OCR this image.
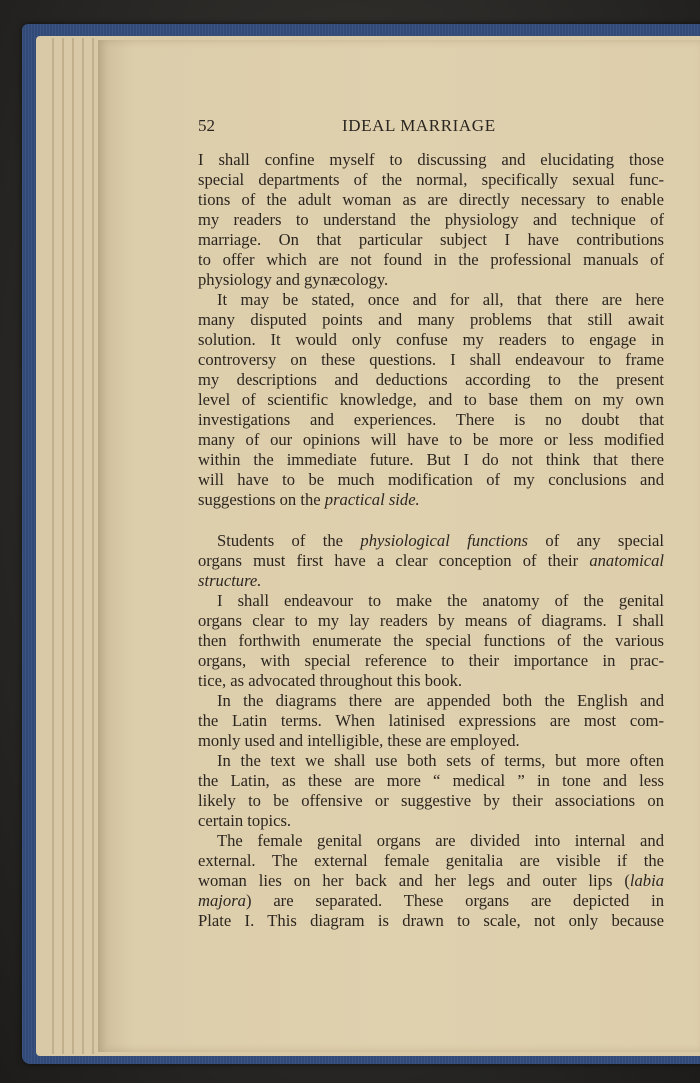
52	IDEAL MARRIAGE
I shall confine myself to discussing and elucidating those
special departments of the normal, specifically sexual func-
tions of the adult woman as are directly necessary to enable
my readers to understand the physiology and technique of
marriage. On that particular subject I have contributions
to offer which are not found in the professional manuals of
physiology and gynæcology.
It may be stated, once and for all, that there are here
many disputed points and many problems that still await
solution. It would only confuse my readers to engage in
controversy on these questions. I shall endeavour to frame
my descriptions and deductions according to the present
level of scientific knowledge, and to base them on my own
investigations and experiences. There is no doubt that
many of our opinions will have to be more or less modified
within the immediate future. But I do not think that there
will have to be much modification of my conclusions and
suggestions on the practical side.
Students of the physiological functions of any special
organs must first have a clear conception of their anatomical
structure.
I shall endeavour to make the anatomy of the genital
organs clear to my lay readers by means of diagrams. I shall
then forthwith enumerate the special functions of the various
organs, with special reference to their importance in prac-
tice, as advocated throughout this book.
In the diagrams there are appended both the English and
the Latin terms. When latinised expressions are most com-
monly used and intelligible, these are employed.
In the text we shall use both sets of terms, but more often
the Latin, as these are more “ medical ” in tone and less
likely to be offensive or suggestive by their associations on
certain topics.
The female genital organs are divided into internal and
external. The external female genitalia are visible if the
woman lies on her back and her legs and outer lips (labia
majora) are separated. These organs are depicted in
Plate I. This diagram is drawn to scale, not only because
